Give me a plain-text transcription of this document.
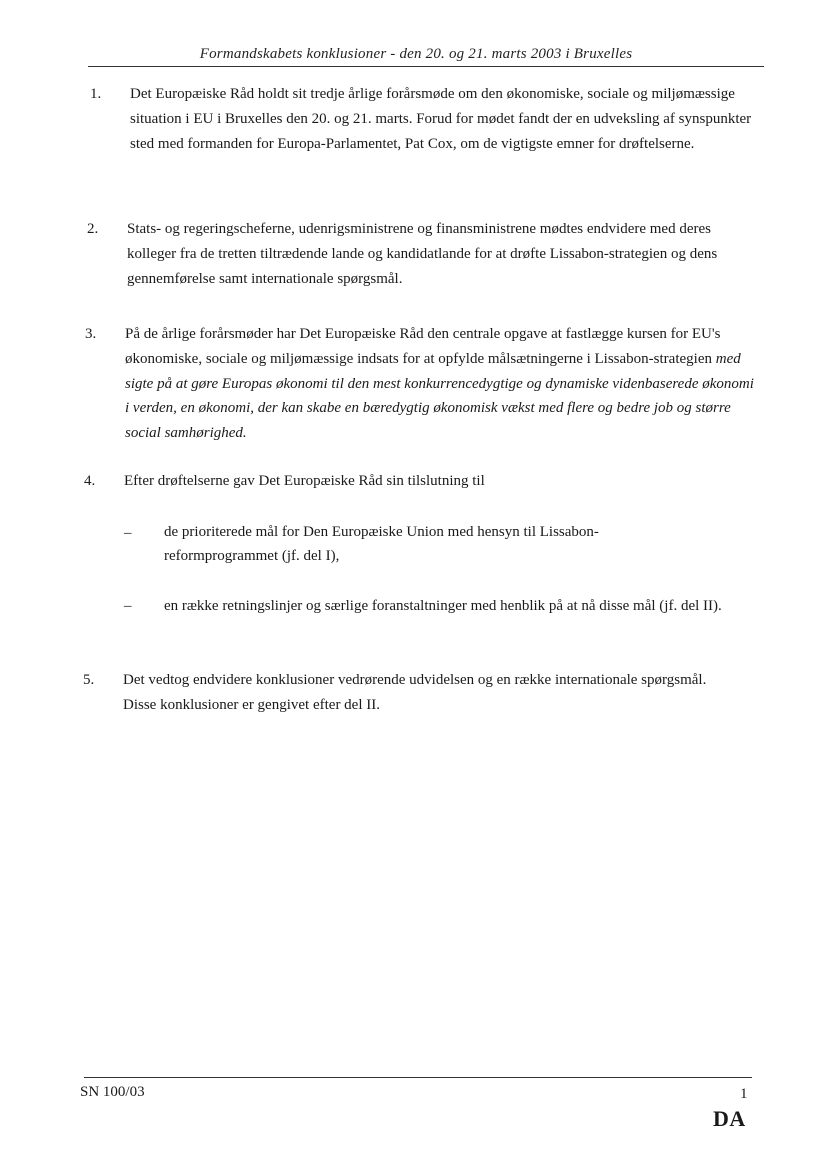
Formandskabets konklusioner - den 20. og 21. marts 2003 i Bruxelles
1. Det Europæiske Råd holdt sit tredje årlige forårsmøde om den økonomiske, sociale og miljømæssige situation i EU i Bruxelles den 20. og 21. marts. Forud for mødet fandt der en udveksling af synspunkter sted med formanden for Europa-Parlamentet, Pat Cox, om de vigtigste emner for drøftelserne.
2. Stats- og regeringscheferne, udenrigsministrene og finansministrene mødtes endvidere med deres kolleger fra de tretten tiltrædende lande og kandidatlande for at drøfte Lissabon-strategien og dens gennemførelse samt internationale spørgsmål.
3. På de årlige forårsmøder har Det Europæiske Råd den centrale opgave at fastlægge kursen for EU's økonomiske, sociale og miljømæssige indsats for at opfylde målsætningerne i Lissabon-strategien med sigte på at gøre Europas økonomi til den mest konkurrencedygtige og dynamiske videnbaserede økonomi i verden, en økonomi, der kan skabe en bæredygtig økonomisk vækst med flere og bedre job og større social samhørighed.
4. Efter drøftelserne gav Det Europæiske Råd sin tilslutning til
– de prioriterede mål for Den Europæiske Union med hensyn til Lissabon-reformprogrammet (jf. del I),
– en række retningslinjer og særlige foranstaltninger med henblik på at nå disse mål (jf. del II).
5. Det vedtog endvidere konklusioner vedrørende udvidelsen og en række internationale spørgsmål. Disse konklusioner er gengivet efter del II.
SN 100/03	1
DA
